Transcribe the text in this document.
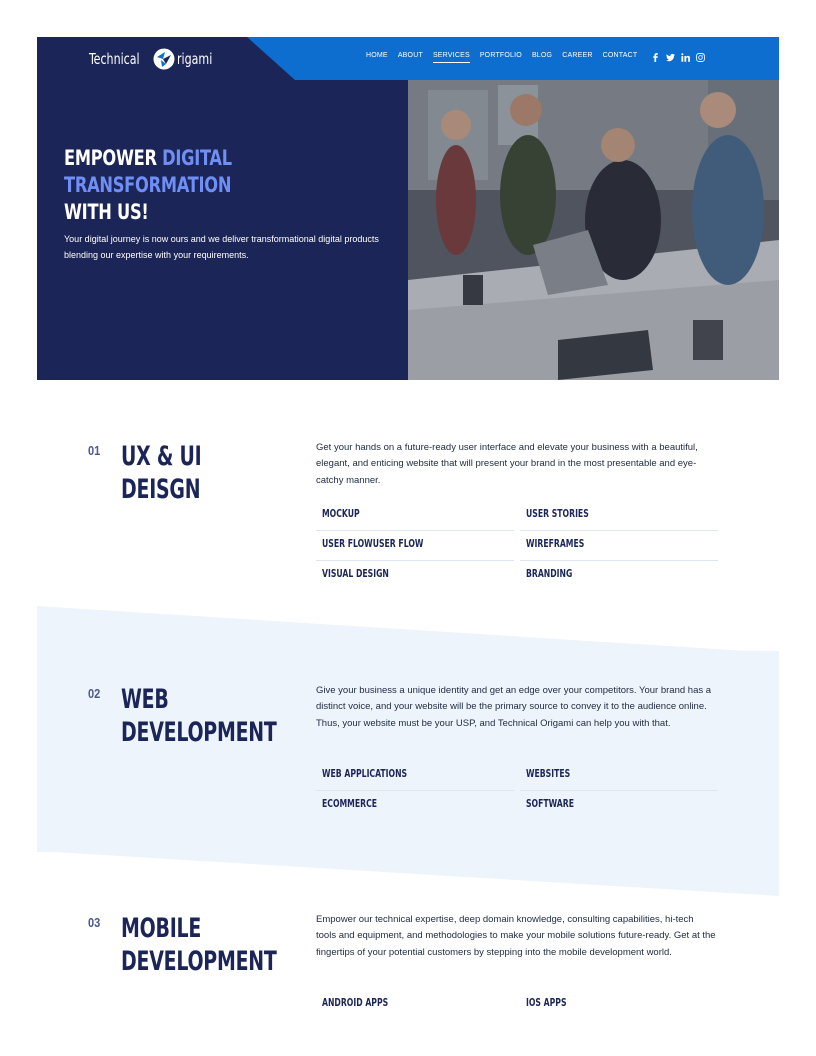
Technical rigami	HOME ABOUT SERVICES PORTFOLIO BLOG CAREER CONTACT
EMPOWER DIGITAL TRANSFORMATION
WITH US!

Your digital journey is now ours and we deliver transformational digital products blending our expertise with your requirements.

01 UX & UI DEISGN

Get your hands on a future-ready user interface and elevate your business with a beautiful, elegant, and enticing website that will present your brand in the most presentable and eye-catchy manner.

MOCKUP	USER STORIES
USER FLOWUSER FLOW	WIREFRAMES
VISUAL DESIGN	BRANDING
02 WEB DEVELOPMENT

Give your business a unique identity and get an edge over your competitors. Your brand has a distinct voice, and your website will be the primary source to convey it to the audience online. Thus, your website must be your USP, and Technical Origami can help you with that.

WEB APPLICATIONS	WEBSITES
ECOMMERCE	SOFTWARE
03 MOBILE DEVELOPMENT

Empower our technical expertise, deep domain knowledge, consulting capabilities, hi-tech tools and equipment, and methodologies to make your mobile solutions future-ready. Get at the fingertips of your potential customers by stepping into the mobile development world.

ANDROID APPS	IOS APPS
